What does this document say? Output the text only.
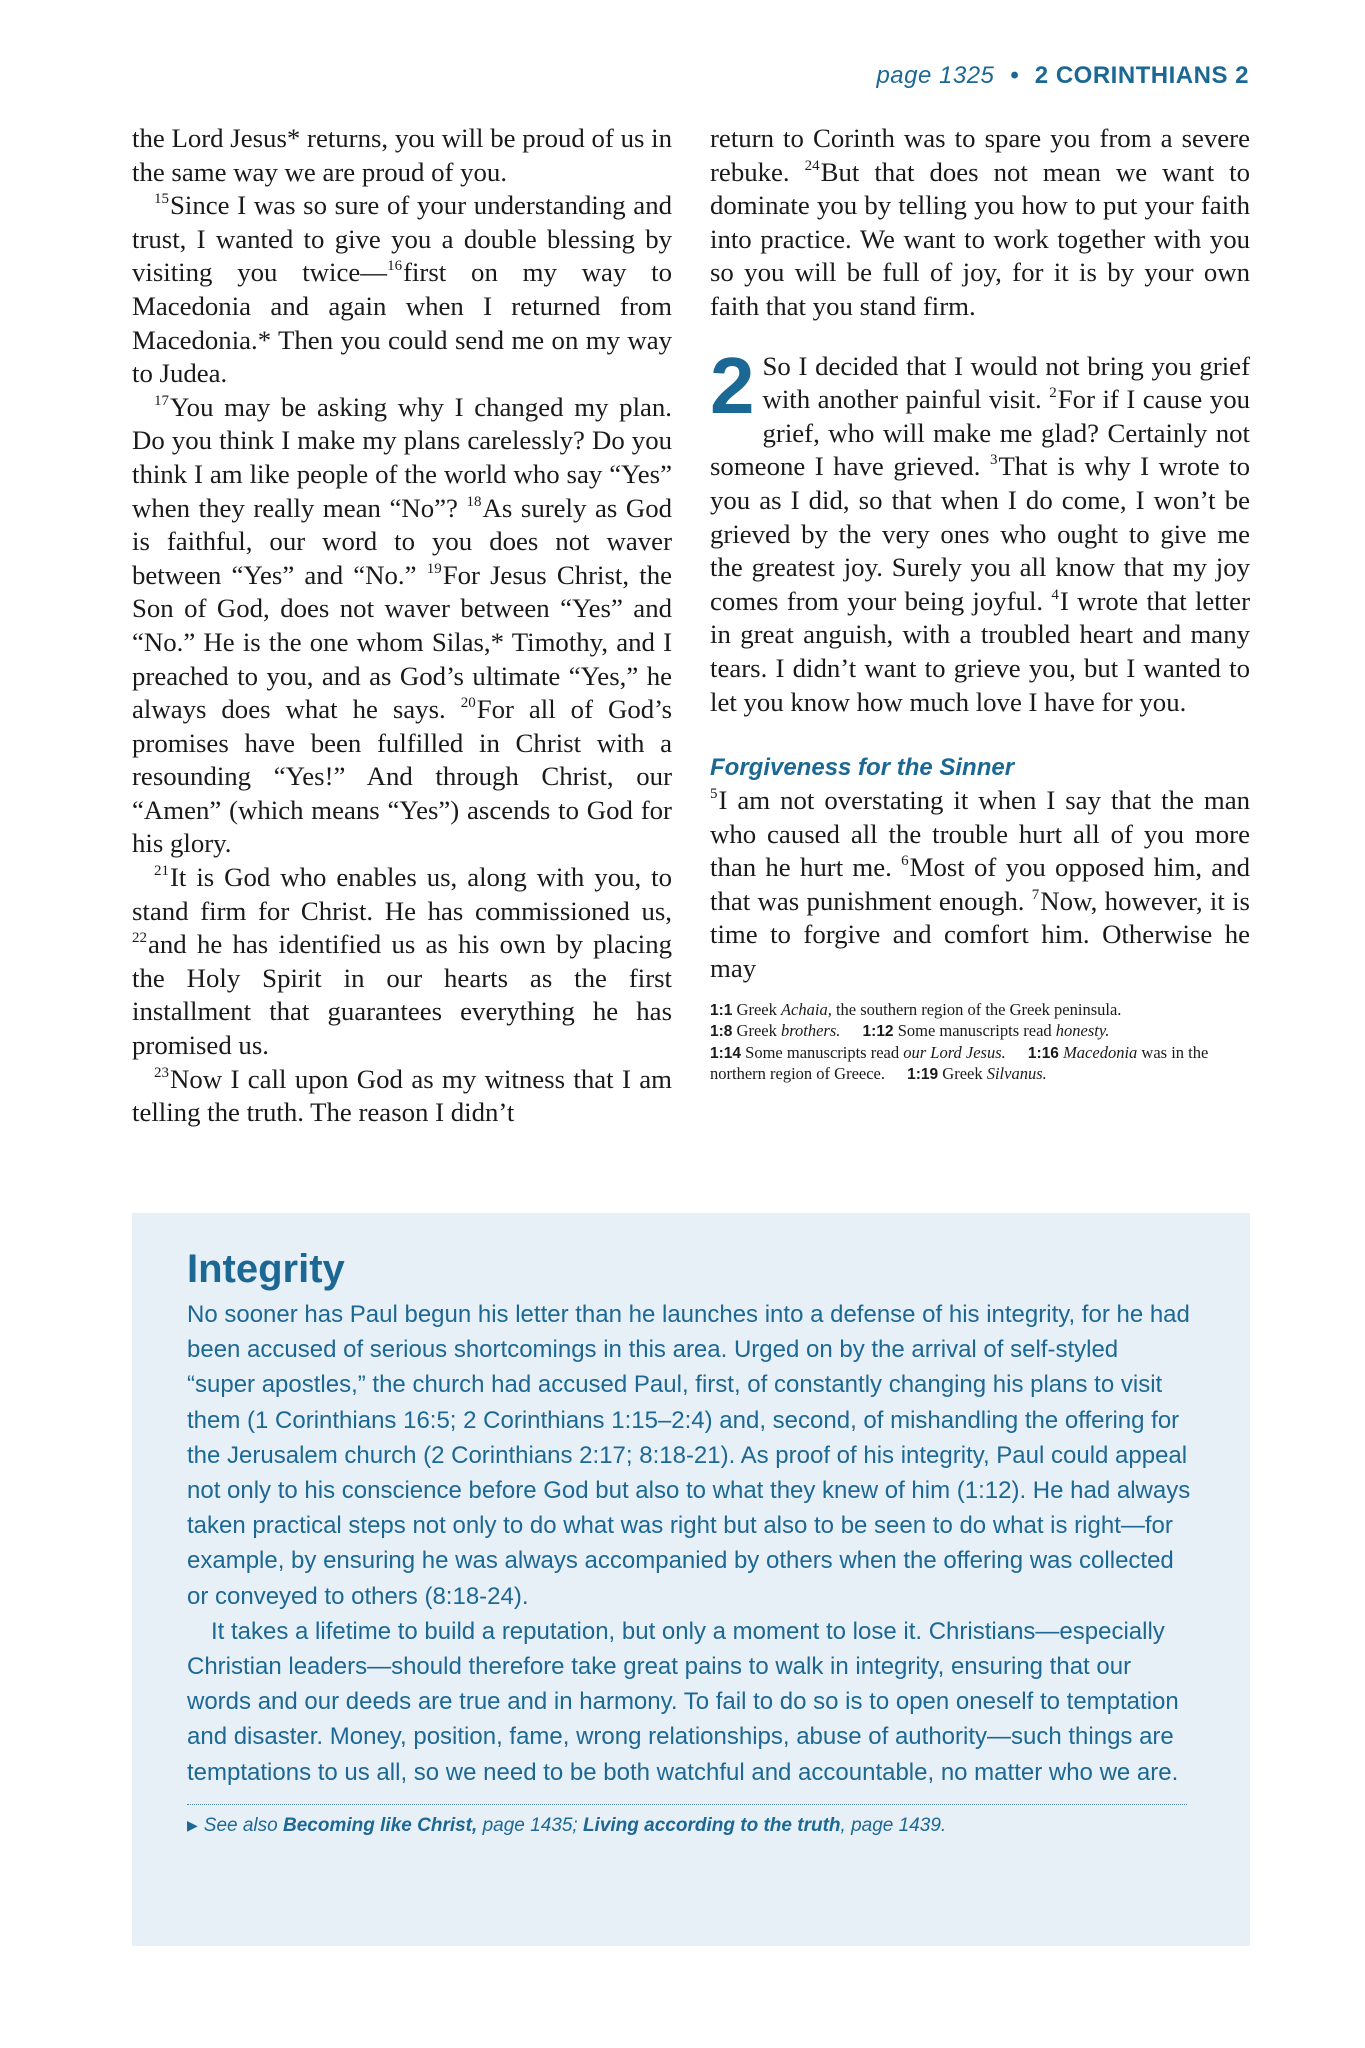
page 1325 • 2 CORINTHIANS 2

the Lord Jesus* returns, you will be proud of us in the same way we are proud of you.

$^{15}$Since I was so sure of your understanding and trust, I wanted to give you a double blessing by visiting you twice—$^{16}$first on my way to Macedonia and again when I returned from Macedonia.* Then you could send me on my way to Judea.

$^{17}$You may be asking why I changed my plan. Do you think I make my plans carelessly? Do you think I am like people of the world who say “Yes” when they really mean “No”? $^{18}$As surely as God is faithful, our word to you does not waver between “Yes” and “No.” $^{19}$For Jesus Christ, the Son of God, does not waver between “Yes” and “No.” He is the one whom Silas,* Timothy, and I preached to you, and as God’s ultimate “Yes,” he always does what he says. $^{20}$For all of God’s promises have been fulfilled in Christ with a resounding “Yes!” And through Christ, our “Amen” (which means “Yes”) ascends to God for his glory.

$^{21}$It is God who enables us, along with you, to stand firm for Christ. He has commissioned us, $^{22}$and he has identified us as his own by placing the Holy Spirit in our hearts as the first installment that guarantees everything he has promised us.

$^{23}$Now I call upon God as my witness that I am telling the truth. The reason I didn’t

return to Corinth was to spare you from a severe rebuke. $^{24}$But that does not mean we want to dominate you by telling you how to put your faith into practice. We want to work together with you so you will be full of joy, for it is by your own faith that you stand firm.

2 So I decided that I would not bring you grief with another painful visit. $^2$For if I cause you grief, who will make me glad? Certainly not someone I have grieved. $^3$That is why I wrote to you as I did, so that when I do come, I won’t be grieved by the very ones who ought to give me the greatest joy. Surely you all know that my joy comes from your being joyful. $^4$I wrote that letter in great anguish, with a troubled heart and many tears. I didn’t want to grieve you, but I wanted to let you know how much love I have for you.

Forgiveness for the Sinner

$^5$I am not overstating it when I say that the man who caused all the trouble hurt all of you more than he hurt me. $^6$Most of you opposed him, and that was punishment enough. $^7$Now, however, it is time to forgive and comfort him. Otherwise he may

1:1 Greek Achaia, the southern region of the Greek peninsula.
1:8 Greek brothers. 1:12 Some manuscripts read honesty.
1:14 Some manuscripts read our Lord Jesus. 1:16 Macedonia was in the northern region of Greece. 1:19 Greek Silvanus.

Integrity

No sooner has Paul begun his letter than he launches into a defense of his integrity, for he had been accused of serious shortcomings in this area. Urged on by the arrival of self-styled “super apostles,” the church had accused Paul, first, of constantly changing his plans to visit them (1 Corinthians 16:5; 2 Corinthians 1:15–2:4) and, second, of mishandling the offering for the Jerusalem church (2 Corinthians 2:17; 8:18-21). As proof of his integrity, Paul could appeal not only to his conscience before God but also to what they knew of him (1:12). He had always taken practical steps not only to do what was right but also to be seen to do what is right—for example, by ensuring he was always accompanied by others when the offering was collected or conveyed to others (8:18-24).

It takes a lifetime to build a reputation, but only a moment to lose it. Christians—especially Christian leaders—should therefore take great pains to walk in integrity, ensuring that our words and our deeds are true and in harmony. To fail to do so is to open oneself to temptation and disaster. Money, position, fame, wrong relationships, abuse of authority—such things are temptations to us all, so we need to be both watchful and accountable, no matter who we are.

▶ See also Becoming like Christ, page 1435; Living according to the truth, page 1439.
